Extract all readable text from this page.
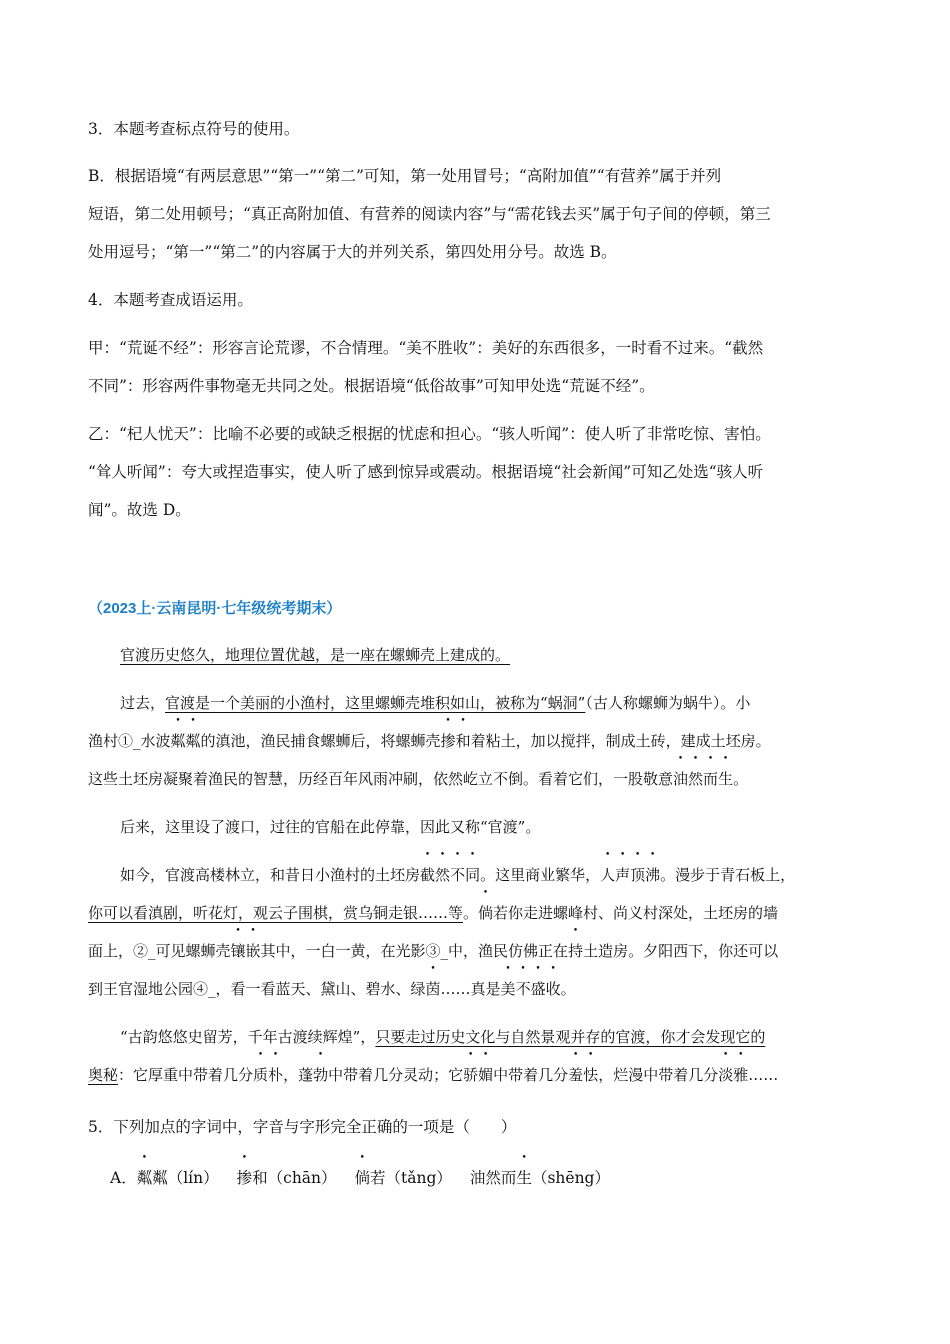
3．本题考查标点符号的使用。

B．根据语境“有两层意思”“第一”“第二”可知，第一处用冒号；“高附加值”“有营养”属于并列

短语，第二处用顿号；“真正高附加值、有营养的阅读内容”与“需花钱去买”属于句子间的停顿，第三

处用逗号；“第一”“第二”的内容属于大的并列关系，第四处用分号。故选 B。

4．本题考查成语运用。

甲：“荒诞不经”：形容言论荒谬，不合情理。“美不胜收”：美好的东西很多，一时看不过来。“截然

不同”：形容两件事物毫无共同之处。根据语境“低俗故事”可知甲处选“荒诞不经”。

乙：“杞人忧天”：比喻不必要的或缺乏根据的忧虑和担心。“骇人听闻”：使人听了非常吃惊、害怕。

“耸人听闻”：夸大或捏造事实，使人听了感到惊异或震动。根据语境“社会新闻”可知乙处选“骇人听

闻”。故选 D。

（2023上·云南昆明·七年级统考期末）

官渡历史悠久，地理位置优越，是一座在螺蛳壳上建成的。

过去，官渡是一个美丽的小渔村，这里螺蛳壳堆积如山，被称为“蜗洞”（古人称螺蛳为蜗牛）。小

渔村①_水波粼粼的滇池，渔民捕食螺蛳后，将螺蛳壳掺和着粘土，加以搅拌，制成土砖，建成土坯房。

这些土坯房凝聚着渔民的智慧，历经百年风雨冲刷，依然屹立不倒。看着它们，一股敬意油然而生。

后来，这里设了渡口，过往的官船在此停靠，因此又称“官渡”。

如今，官渡高楼林立，和昔日小渔村的土坯房截然不同。这里商业繁华，人声顶沸。漫步于青石板上，

你可以看滇剧，听花灯，观云子围棋，赏乌铜走银……等。倘若你走进螺峰村、尚义村深处，土坯房的墙

面上，②_可见螺蛳壳镶嵌其中，一白一黄，在光影③_中，渔民仿佛正在持土造房。夕阳西下，你还可以

到王官湿地公园④_，看一看蓝天、黛山、碧水、绿茵……真是美不盛收。

“古韵悠悠史留芳，千年古渡续辉煌”，只要走过历史文化与自然景观并存的官渡，你才会发现它的

奥秘：它厚重中带着几分质朴，蓬勃中带着几分灵动；它骄媚中带着几分羞怯，烂漫中带着几分淡雅……

5．下列加点的字词中，字音与字形完全正确的一项是（　　）

A．粼粼（lín） 掺和（chān） 倘若（tǎng） 油然而生（shēng）
